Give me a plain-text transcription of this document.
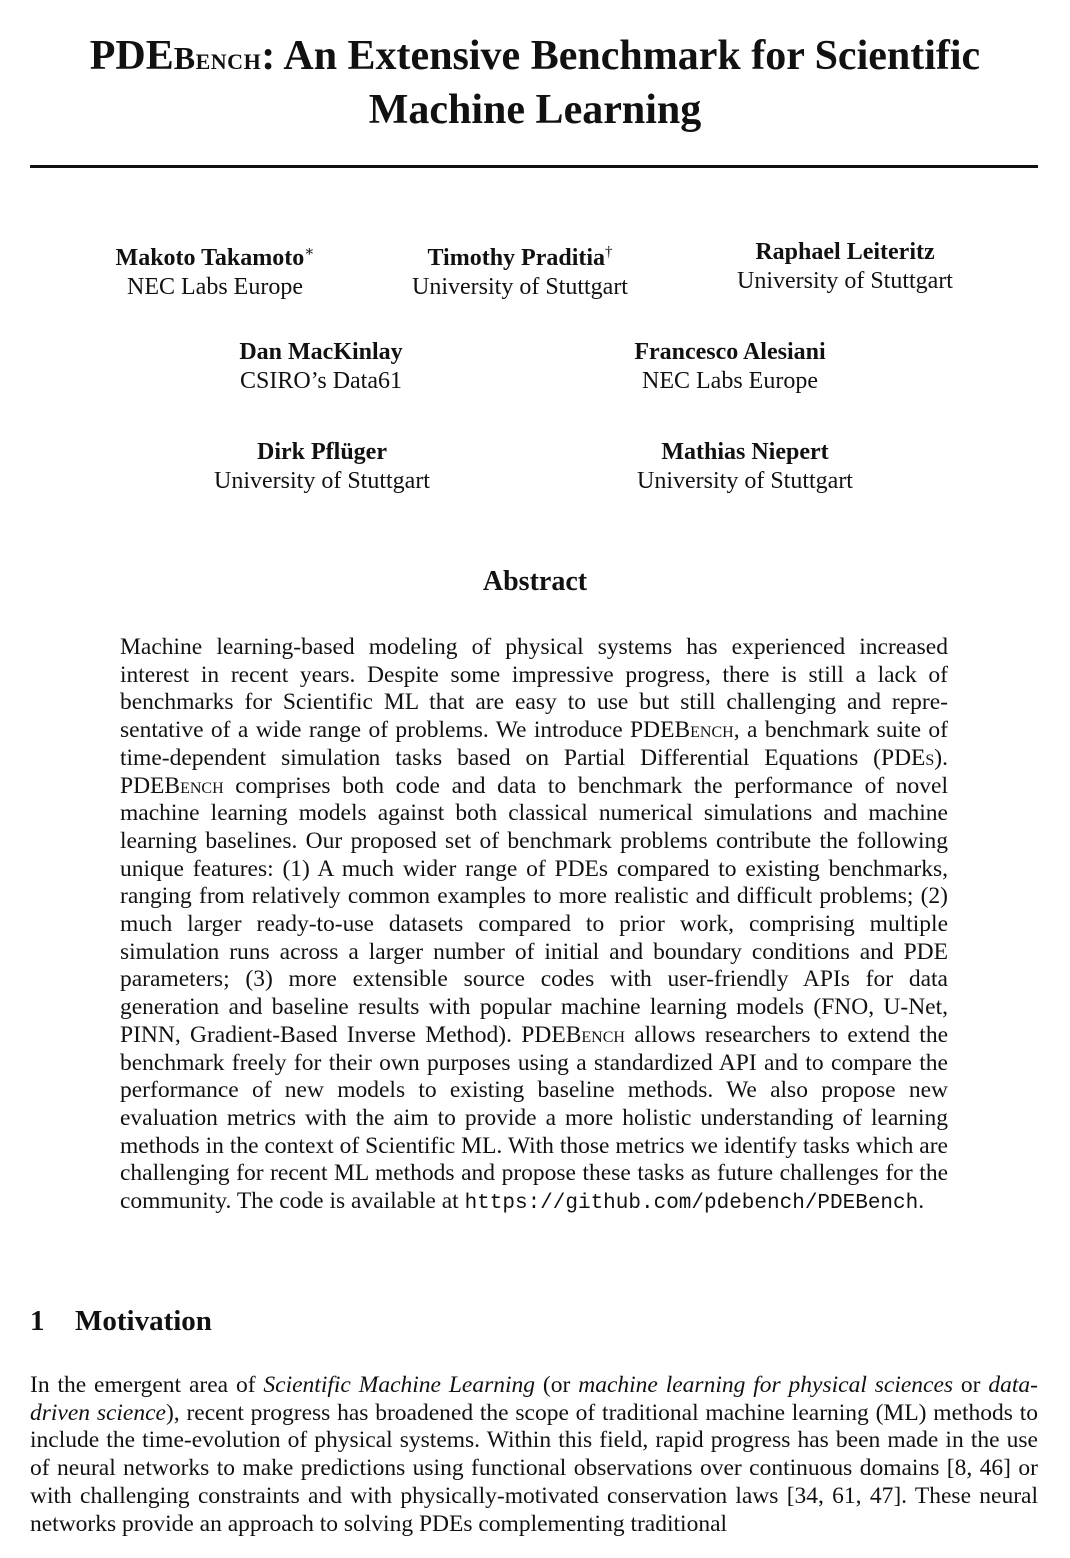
PDEBench: An Extensive Benchmark for Scientific
Machine Learning
Makoto Takamoto∗
NEC Labs Europe
Timothy Praditia†
University of Stuttgart
Raphael Leiteritz
University of Stuttgart
Dan MacKinlay
CSIRO’s Data61
Francesco Alesiani
NEC Labs Europe
Dirk Pflüger
University of Stuttgart
Mathias Niepert
University of Stuttgart
Abstract
Machine learning-based modeling of physical systems has experienced increased interest in recent years. Despite some impressive progress, there is still a lack of benchmarks for Scientific ML that are easy to use but still challenging and representative of a wide range of problems. We introduce PDEBench, a benchmark suite of time-dependent simulation tasks based on Partial Differential Equations (PDEs). PDEBench comprises both code and data to benchmark the performance of novel machine learning models against both classical numerical simulations and machine learning baselines. Our proposed set of benchmark problems contribute the following unique features: (1) A much wider range of PDEs compared to existing benchmarks, ranging from relatively common examples to more realistic and difficult problems; (2) much larger ready-to-use datasets compared to prior work, comprising multiple simulation runs across a larger number of initial and boundary conditions and PDE parameters; (3) more extensible source codes with user-friendly APIs for data generation and baseline results with popular machine learning models (FNO, U-Net, PINN, Gradient-Based Inverse Method). PDEBench allows researchers to extend the benchmark freely for their own purposes using a standardized API and to compare the performance of new models to existing baseline methods. We also propose new evaluation metrics with the aim to provide a more holistic understanding of learning methods in the context of Scientific ML. With those metrics we identify tasks which are challenging for recent ML methods and propose these tasks as future challenges for the community. The code is available at https://github.com/pdebench/PDEBench.
1 Motivation
In the emergent area of Scientific Machine Learning (or machine learning for physical sciences or data-driven science), recent progress has broadened the scope of traditional machine learning (ML) methods to include the time-evolution of physical systems. Within this field, rapid progress has been made in the use of neural networks to make predictions using functional observations over continuous domains [8, 46] or with challenging constraints and with physically-motivated conservation laws [34, 61, 47]. These neural networks provide an approach to solving PDEs complementing traditional
